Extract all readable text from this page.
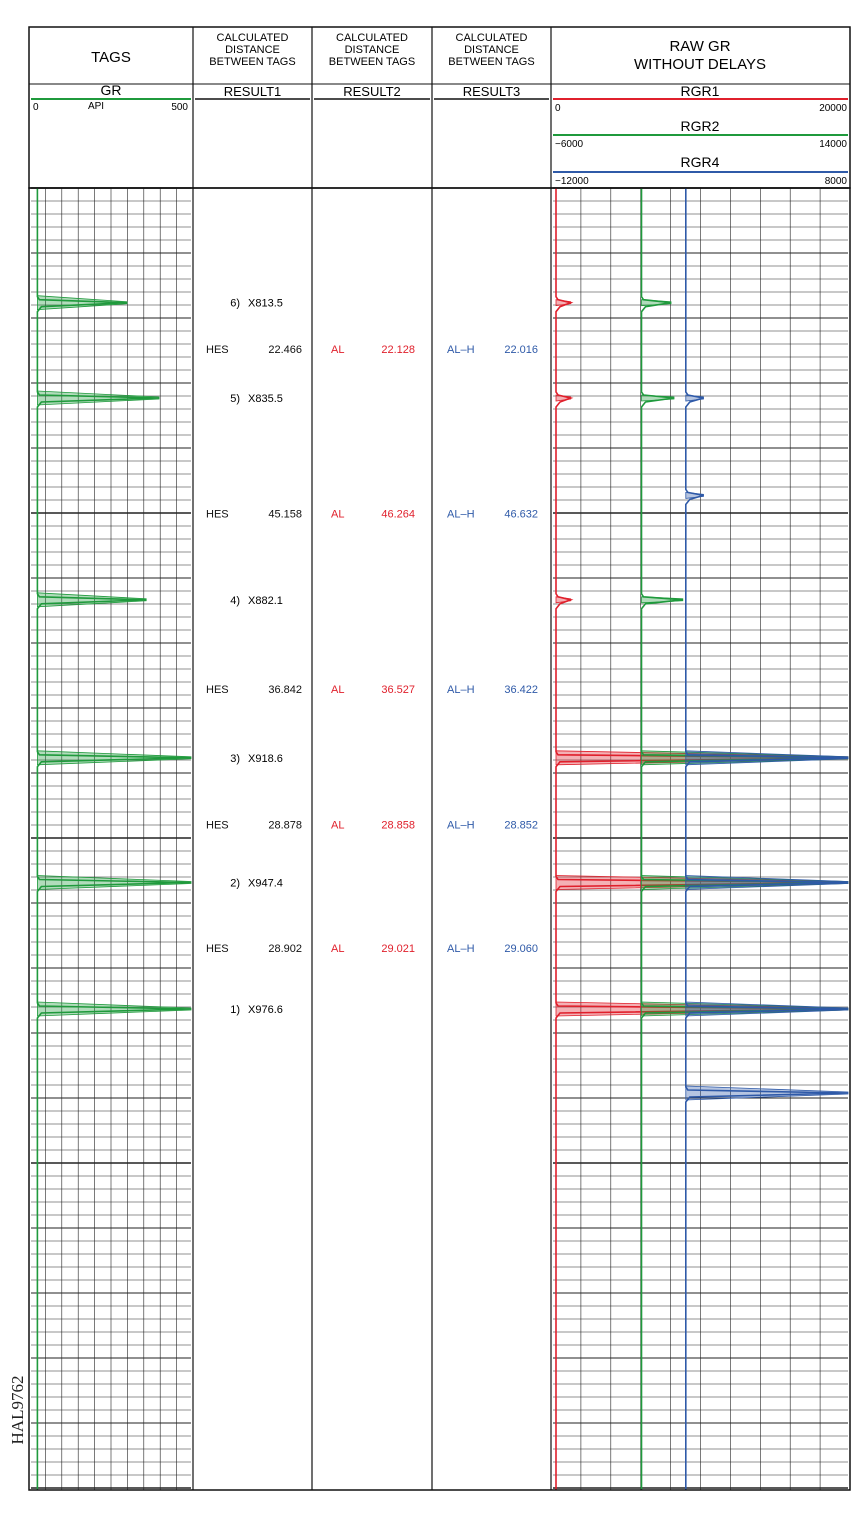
TAGS
CALCULATED DISTANCE BETWEEN TAGS
CALCULATED DISTANCE BETWEEN TAGS
CALCULATED DISTANCE BETWEEN TAGS
RAW GR WITHOUT DELAYS
GR
0	API	500
RESULT1	RESULT2	RESULT3	RGR1
0	20000
RGR2
−6000	14000
RGR4
−12000	8000
6) X813.5
5) X835.5
4) X882.1
3) X918.6
2) X947.4
1) X976.6
HES	22.466	AL	22.128	AL–H	22.016
HES	45.158	AL	46.264	AL–H	46.632
HES	36.842	AL	36.527	AL–H	36.422
HES	28.878	AL	28.858	AL–H	28.852
HES	28.902	AL	29.021	AL–H	29.060
HAL9762
